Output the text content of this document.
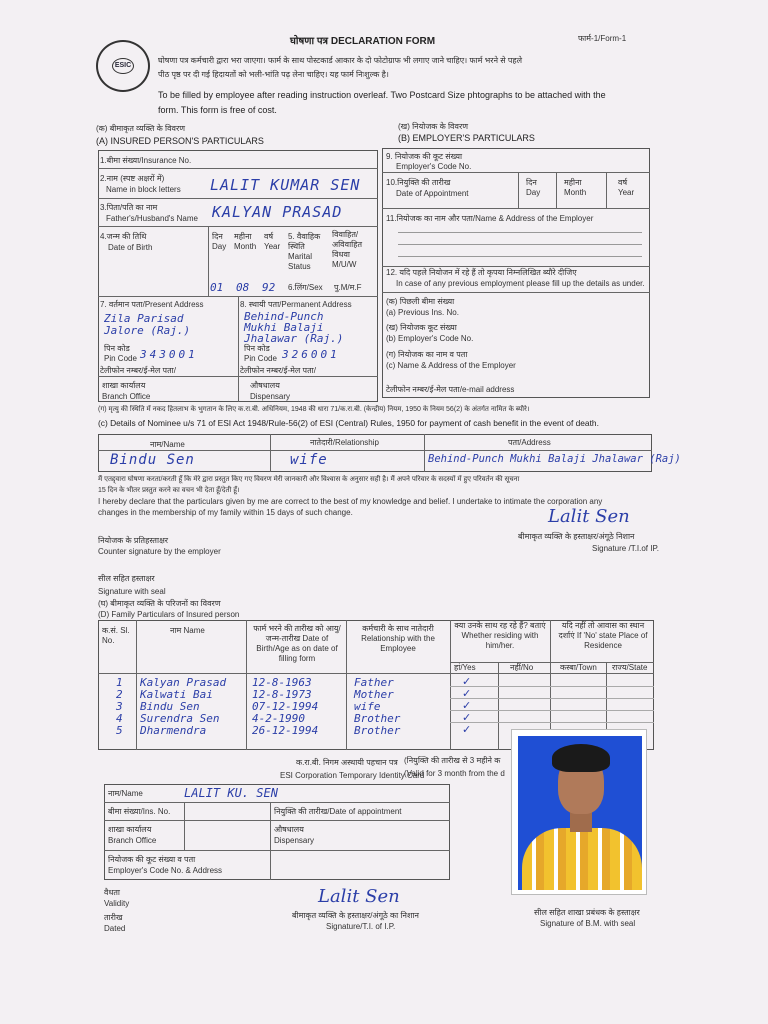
ESIC
घोषणा पत्र DECLARATION FORM	फार्म-1/Form-1
घोषणा पत्र कर्मचारी द्वारा भरा जाएगा। फार्म के साथ पोस्टकार्ड आकार के दो फोटोग्राफ भी लगाए जाने चाहिए। फार्म भरने से पहले
पीठ पृष्ठ पर दी गई हिदायतों को भली-भांति पढ़ लेना चाहिए। यह फार्म निःशुल्क है।
To be filled by employee after reading instruction overleaf. Two Postcard Size phtographs to be attached with the
form. This form is free of cost.
(क) बीमाकृत व्यक्ति के विवरण
(A) INSURED PERSON'S PARTICULARS
(ख) नियोजक के विवरण
(B) EMPLOYER'S PARTICULARS
1.बीमा संख्या/Insurance No.
2.नाम (स्पष्ट अक्षरों में)
Name in block letters LALIT KUMAR SEN
3.पिता/पति का नाम
Father's/Husband's Name KALYAN PRASAD
4.जन्म की तिथि
Date of Birth
दिन Day
महीना Month
वर्ष Year
01 08 92
5. वैवाहिक स्थिति Marital Status
विवाहित/ अविवाहित विधवा M/U/W
6.लिंग/Sex पु.M/म.F
7. वर्तमान पता/Present Address
Zila Parisad
Jalore (Raj.)
पिन कोड
Pin Code 343001
टेलीफोन नम्बर/ई-मेल पता/
शाखा कार्यालय
Branch Office
8. स्थायी पता/Permanent Address
Behind-Punch
Mukhi Balaji
Jhalawar (Raj.)
पिन कोड
Pin Code 326001
टेलीफोन नम्बर/ई-मेल पता/
औषधालय
Dispensary
9. नियोजक की कूट संख्या
Employer's Code No.
10.नियुक्ति की तारीख
Date of Appointment
दिन Day
महीना Month
वर्ष Year
11.नियोजक का नाम और पता/Name & Address of the Employer
12. यदि पहले नियोजन में रहे हैं तो कृपया निम्नलिखित ब्यौरे दीजिए
In case of any previous employment please fill up the details as under.
(क) पिछली बीमा संख्या
(a) Previous Ins. No.
(ख) नियोजक कूट संख्या
(b) Employer's Code No.
(ग) नियोजक का नाम व पता
(c) Name & Address of the Employer
टेलीफोन नम्बर/ई-मेल पता/e-mail address
(ग) मृत्यु की स्थिति में नकद हितलाभ के भुगतान के लिए क.रा.बी. अधिनियम, 1948 की धारा 71/क.रा.बी. (केन्द्रीय) नियम, 1950 के नियम 56(2) के अंतर्गत नामित के ब्यौरे।
(c) Details of Nominee u/s 71 of ESI Act 1948/Rule-56(2) of ESI (Central) Rules, 1950 for payment of cash benefit in the event of death.
नाम/Name	नातेदारी/Relationship	पता/Address
Bindu Sen	wife	Behind-Punch Mukhi Balaji Jhalawar (Raj)
मैं एतद्द्वारा घोषणा करता/करती हूँ कि मेरे द्वारा प्रस्तुत किए गए विवरण मेरी जानकारी और विश्वास के अनुसार सही है। मैं अपने परिवार के सदस्यों में हुए परिवर्तन की सूचना
15 दिन के भीतर प्रस्तुत करने का वचन भी देता हूँ/देती हूँ।
I hereby declare that the particulars given by me are correct to the best of my knowledge and belief. I undertake to intimate the corporation any
changes in the membership of my family within 15 days of such change.	Lalit Sen
बीमाकृत व्यक्ति के हस्ताक्षर/अंगूठे निशान
Signature /T.I.of IP.
नियोजक के प्रतिहस्ताक्षर
Counter signature by the employer
सील सहित हस्ताक्षर
Signature with seal
(घ) बीमाकृत व्यक्ति के परिजनों का विवरण
(D) Family Particulars of Insured person
क.सं. Sl. No.
नाम Name	फार्म भरने की तारीख को आयु/जन्म-तारीख Date of Birth/Age as on date of filling form
कर्मचारी के साथ नातेदारी Relationship with the Employee
क्या उनके साथ रह रहे हैं? बताएं Whether residing with him/her.
यदि नहीं तो आवास का स्थान दर्शाएं If 'No' state Place of Residence
हां/Yes	नहीं/No	कस्बा/Town राज्य/State
1 Kalyan Prasad 12-8-1963	Father	✓
2 Kalwati Bai	12-8-1973	Mother	✓
3 Bindu Sen	07-12-1994	wife	✓
4 Surendra Sen	4-2-1990	Brother	✓
5 Dharmendra	26-12-1994	Brother	✓
क.रा.बी. निगम अस्थायी पहचान पत्र
ESI Corporation Temporary Identity Card
(नियुक्ति की तारीख से 3 महीने क
(Valid for 3 month from the d
नाम/Name	LALIT KU. SEN
बीमा संख्या/Ins. No.	नियुक्ति की तारीख/Date of appointment
शाखा कार्यालय
Branch Office
औषधालय
Dispensary
नियोजक की कूट संख्या व पता
Employer's Code No. & Address
वैधता
Validity
तारीख
Dated
Lalit Sen
बीमाकृत व्यक्ति के हस्ताक्षर/अंगूठे का निशान
Signature/T.I. of I.P.
सील सहित शाखा प्रबंधक के हस्ताक्षर
Signature of B.M. with seal
